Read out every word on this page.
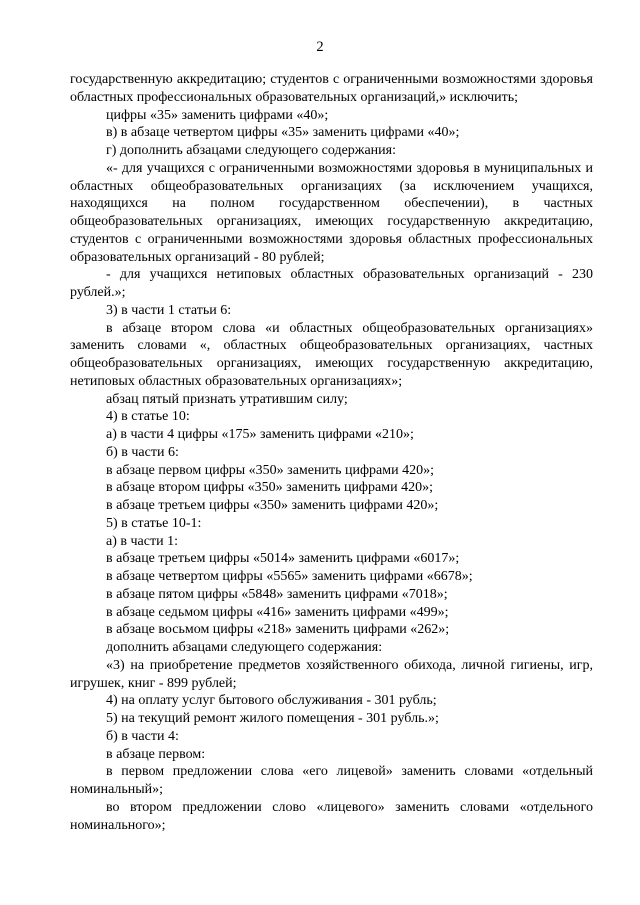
2

государственную аккредитацию; студентов с ограниченными возможностями здоровья областных профессиональных образовательных организаций,» исключить;

цифры «35» заменить цифрами «40»;

в) в абзаце четвертом цифры «35» заменить цифрами «40»;

г) дополнить абзацами следующего содержания:

«- для учащихся с ограниченными возможностями здоровья в муниципальных и областных общеобразовательных организациях (за исключением учащихся, находящихся на полном государственном обеспечении), в частных общеобразовательных организациях, имеющих государственную аккредитацию, студентов с ограниченными возможностями здоровья областных профессиональных образовательных организаций - 80 рублей;

- для учащихся нетиповых областных образовательных организаций - 230 рублей.»;

3) в части 1 статьи 6:

в абзаце втором слова «и областных общеобразовательных организациях» заменить словами «, областных общеобразовательных организациях, частных общеобразовательных организациях, имеющих государственную аккредитацию, нетиповых областных образовательных организациях»;

абзац пятый признать утратившим силу;

4) в статье 10:

а) в части 4 цифры «175» заменить цифрами «210»;

б) в части 6:

в абзаце первом цифры «350» заменить цифрами 420»;

в абзаце втором цифры «350» заменить цифрами 420»;

в абзаце третьем цифры «350» заменить цифрами 420»;

5) в статье 10-1:

а) в части 1:

в абзаце третьем цифры «5014» заменить цифрами «6017»;

в абзаце четвертом цифры «5565» заменить цифрами «6678»;

в абзаце пятом цифры «5848» заменить цифрами «7018»;

в абзаце седьмом цифры «416» заменить цифрами «499»;

в абзаце восьмом цифры «218» заменить цифрами «262»;

дополнить абзацами следующего содержания:

«3) на приобретение предметов хозяйственного обихода, личной гигиены, игр, игрушек, книг - 899 рублей;

4) на оплату услуг бытового обслуживания - 301 рубль;

5) на текущий ремонт жилого помещения - 301 рубль.»;

б) в части 4:

в абзаце первом:

в первом предложении слова «его лицевой» заменить словами «отдельный номинальный»;

во втором предложении слово «лицевого» заменить словами «отдельного номинального»;
